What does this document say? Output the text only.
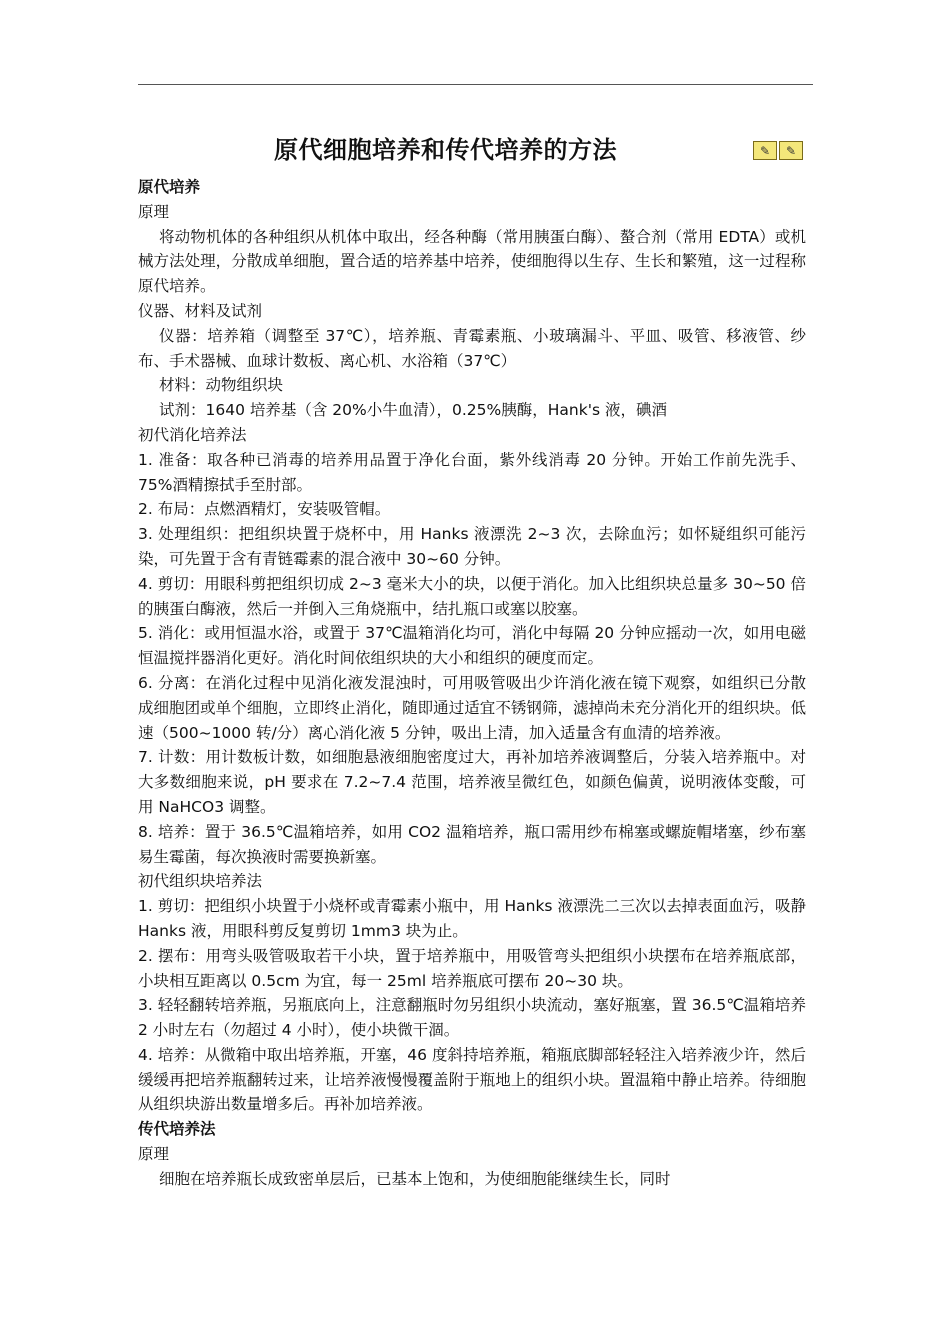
原代细胞培养和传代培养的方法	✎	✎

原代培养

原理

将动物机体的各种组织从机体中取出，经各种酶（常用胰蛋白酶）、螯合剂（常用 EDTA）或机械方法处理，分散成单细胞，置合适的培养基中培养，使细胞得以生存、生长和繁殖，这一过程称原代培养。

仪器、材料及试剂

仪器：培养箱（调整至 37℃），培养瓶、青霉素瓶、小玻璃漏斗、平皿、吸管、移液管、纱布、手术器械、血球计数板、离心机、水浴箱（37℃）

材料：动物组织块

试剂：1640 培养基（含 20%小牛血清），0.25%胰酶，Hank's 液，碘酒

初代消化培养法

1. 准备：取各种已消毒的培养用品置于净化台面，紫外线消毒 20 分钟。开始工作前先洗手、75%酒精擦拭手至肘部。

2. 布局：点燃酒精灯，安装吸管帽。

3. 处理组织：把组织块置于烧杯中，用 Hanks 液漂洗 2~3 次，去除血污；如怀疑组织可能污染，可先置于含有青链霉素的混合液中 30~60 分钟。

4. 剪切：用眼科剪把组织切成 2~3 毫米大小的块，以便于消化。加入比组织块总量多 30~50 倍的胰蛋白酶液，然后一并倒入三角烧瓶中，结扎瓶口或塞以胶塞。

5. 消化：或用恒温水浴，或置于 37℃温箱消化均可，消化中每隔 20 分钟应摇动一次，如用电磁恒温搅拌器消化更好。消化时间依组织块的大小和组织的硬度而定。

6. 分离：在消化过程中见消化液发混浊时，可用吸管吸出少许消化液在镜下观察，如组织已分散成细胞团或单个细胞，立即终止消化，随即通过适宜不锈钢筛，滤掉尚未充分消化开的组织块。低速（500~1000 转/分）离心消化液 5 分钟，吸出上清，加入适量含有血清的培养液。

7. 计数：用计数板计数，如细胞悬液细胞密度过大，再补加培养液调整后，分装入培养瓶中。对大多数细胞来说，pH 要求在 7.2~7.4 范围，培养液呈微红色，如颜色偏黄，说明液体变酸，可用 NaHCO3 调整。

8. 培养：置于 36.5℃温箱培养，如用 CO2 温箱培养，瓶口需用纱布棉塞或螺旋帽堵塞，纱布塞易生霉菌，每次换液时需要换新塞。

初代组织块培养法

1. 剪切：把组织小块置于小烧杯或青霉素小瓶中，用 Hanks 液漂洗二三次以去掉表面血污，吸静 Hanks 液，用眼科剪反复剪切 1mm3 块为止。

2. 摆布：用弯头吸管吸取若干小块，置于培养瓶中，用吸管弯头把组织小块摆布在培养瓶底部，小块相互距离以 0.5cm 为宜，每一 25ml 培养瓶底可摆布 20~30 块。

3. 轻轻翻转培养瓶，另瓶底向上，注意翻瓶时勿另组织小块流动，塞好瓶塞，置 36.5℃温箱培养 2 小时左右（勿超过 4 小时），使小块微干涸。

4. 培养：从微箱中取出培养瓶，开塞，46 度斜持培养瓶，箱瓶底脚部轻轻注入培养液少许，然后缓缓再把培养瓶翻转过来，让培养液慢慢覆盖附于瓶地上的组织小块。置温箱中静止培养。待细胞从组织块游出数量增多后。再补加培养液。

传代培养法

原理

细胞在培养瓶长成致密单层后，已基本上饱和，为使细胞能继续生长，同时
